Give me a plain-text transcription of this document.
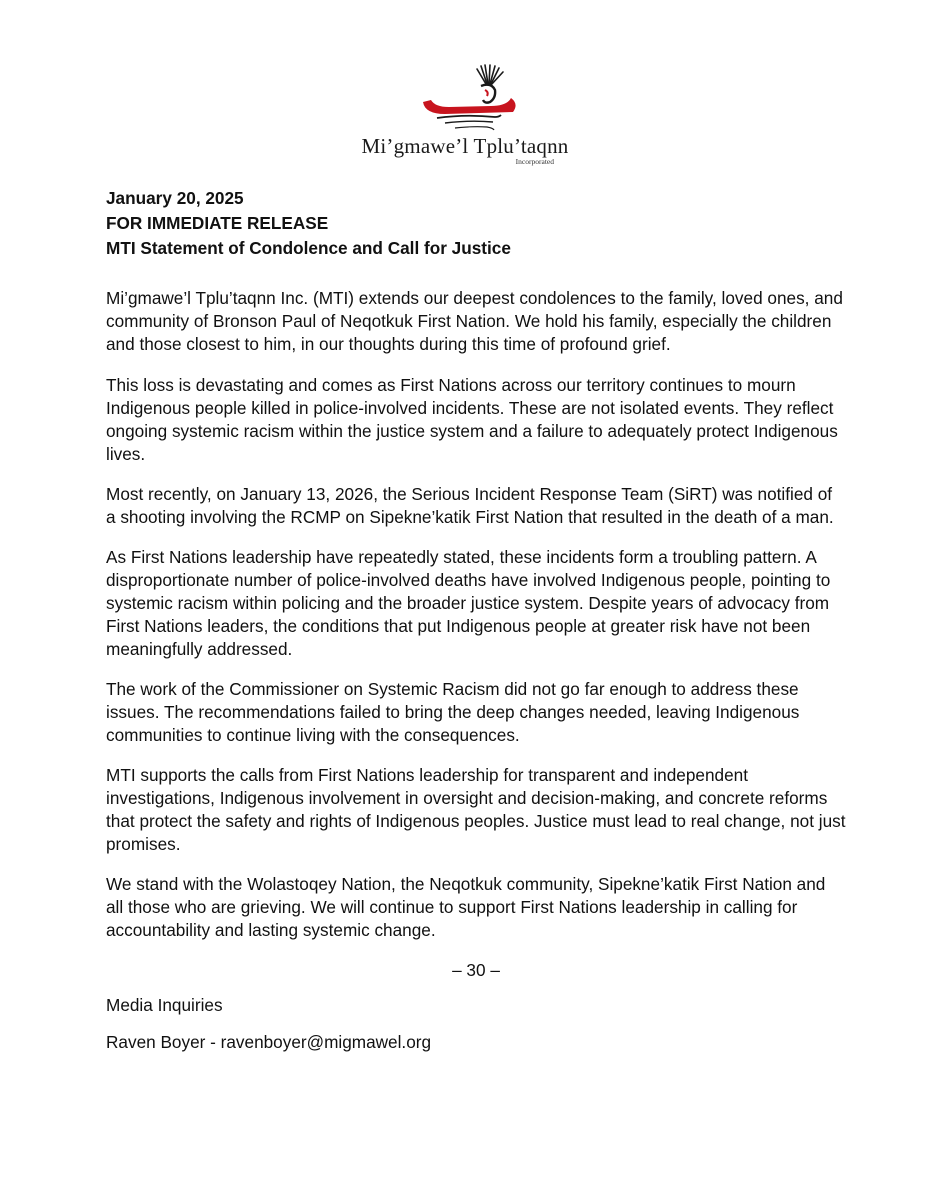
Mi’gmawe’l Tplu’taqnn
Incorporated
January 20, 2025
FOR IMMEDIATE RELEASE
MTI Statement of Condolence and Call for Justice

Mi’gmawe’l Tplu’taqnn Inc. (MTI) extends our deepest condolences to the family, loved ones, and community of Bronson Paul of Neqotkuk First Nation. We hold his family, especially the children and those closest to him, in our thoughts during this time of profound grief.

This loss is devastating and comes as First Nations across our territory continues to mourn Indigenous people killed in police-involved incidents. These are not isolated events. They reflect ongoing systemic racism within the justice system and a failure to adequately protect Indigenous lives.

Most recently, on January 13, 2026, the Serious Incident Response Team (SiRT) was notified of a shooting involving the RCMP on Sipekne’katik First Nation that resulted in the death of a man.

As First Nations leadership have repeatedly stated, these incidents form a troubling pattern. A disproportionate number of police-involved deaths have involved Indigenous people, pointing to systemic racism within policing and the broader justice system. Despite years of advocacy from First Nations leaders, the conditions that put Indigenous people at greater risk have not been meaningfully addressed.

The work of the Commissioner on Systemic Racism did not go far enough to address these issues. The recommendations failed to bring the deep changes needed, leaving Indigenous communities to continue living with the consequences.

MTI supports the calls from First Nations leadership for transparent and independent investigations, Indigenous involvement in oversight and decision-making, and concrete reforms that protect the safety and rights of Indigenous peoples. Justice must lead to real change, not just promises.

We stand with the Wolastoqey Nation, the Neqotkuk community, Sipekne’katik First Nation and all those who are grieving. We will continue to support First Nations leadership in calling for accountability and lasting systemic change.

– 30 –
Media Inquiries
Raven Boyer - ravenboyer@migmawel.org
